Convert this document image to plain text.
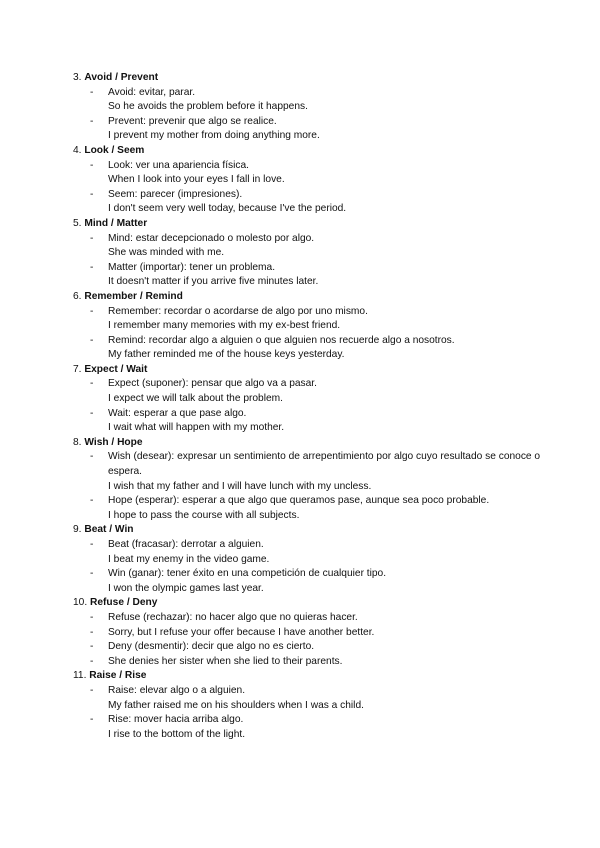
3. Avoid / Prevent
- Avoid: evitar, parar.
So he avoids the problem before it happens.
- Prevent: prevenir que algo se realice.
I prevent my mother from doing anything more.
4. Look / Seem
- Look: ver una apariencia física.
When I look into your eyes I fall in love.
- Seem: parecer (impresiones).
I don't seem very well today, because I've the period.
5. Mind / Matter
- Mind: estar decepcionado o molesto por algo.
She was minded with me.
- Matter (importar): tener un problema.
It doesn't matter if you arrive five minutes later.
6. Remember / Remind
- Remember: recordar o acordarse de algo por uno mismo.
I remember many memories with my ex-best friend.
- Remind: recordar algo a alguien o que alguien nos recuerde algo a nosotros.
My father reminded me of the house keys yesterday.
7. Expect / Wait
- Expect (suponer): pensar que algo va a pasar.
I expect we will talk about the problem.
- Wait: esperar a que pase algo.
I wait what will happen with my mother.
8. Wish / Hope
- Wish (desear): expresar un sentimiento de arrepentimiento por algo cuyo resultado se conoce o espera.
I wish that my father and I will have lunch with my uncless.
- Hope (esperar): esperar a que algo que queramos pase, aunque sea poco probable.
I hope to pass the course with all subjects.
9. Beat / Win
- Beat (fracasar): derrotar a alguien.
I beat my enemy in the video game.
- Win (ganar): tener éxito en una competición de cualquier tipo.
I won the olympic games last year.
10. Refuse / Deny
- Refuse (rechazar): no hacer algo que no quieras hacer.
- Sorry, but I refuse your offer because I have another better.
- Deny (desmentir): decir que algo no es cierto.
- She denies her sister when she lied to their parents.
11. Raise / Rise
- Raise: elevar algo o a alguien.
My father raised me on his shoulders when I was a child.
- Rise: mover hacia arriba algo.
I rise to the bottom of the light.
